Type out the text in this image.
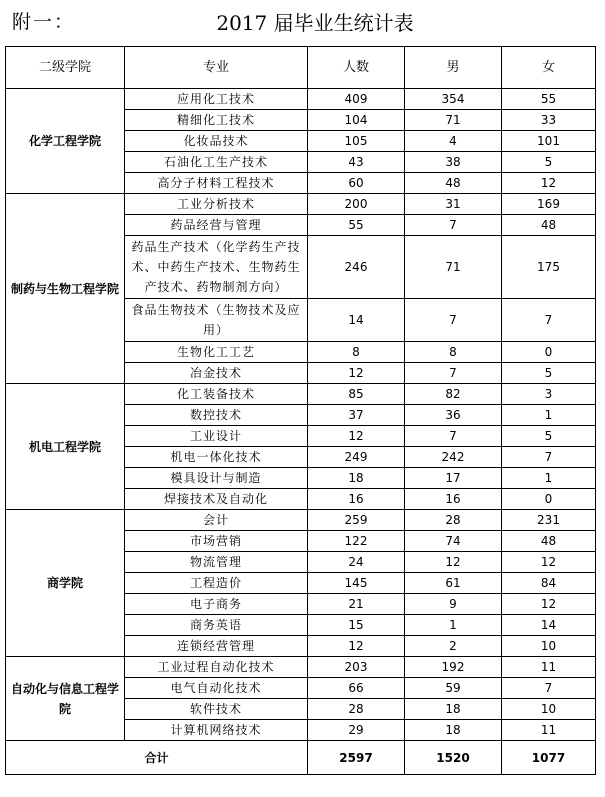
附一：	2017 届毕业生统计表
二级学院	专业	人数	男	女
化学工程学院	应用化工技术	409	354	55
	精细化工技术	104	71	33
	化妆品技术	105	4	101
	石油化工生产技术	43	38	5
	高分子材料工程技术	60	48	12
制药与生物工程学院	工业分析技术	200	31	169
	药品经营与管理	55	7	48
	药品生产技术（化学药生产技术、中药生产技术、生物药生产技术、药物制剂方向）	246	71	175
	食品生物技术（生物技术及应用）	14	7	7
	生物化工工艺	8	8	0
	冶金技术	12	7	5
机电工程学院	化工装备技术	85	82	3
	数控技术	37	36	1
	工业设计	12	7	5
	机电一体化技术	249	242	7
	模具设计与制造	18	17	1
	焊接技术及自动化	16	16	0
商学院	会计	259	28	231
	市场营销	122	74	48
	物流管理	24	12	12
	工程造价	145	61	84
	电子商务	21	9	12
	商务英语	15	1	14
	连锁经营管理	12	2	10
自动化与信息工程学院	工业过程自动化技术	203	192	11
	电气自动化技术	66	59	7
	软件技术	28	18	10
	计算机网络技术	29	18	11
合计		2597	1520	1077
